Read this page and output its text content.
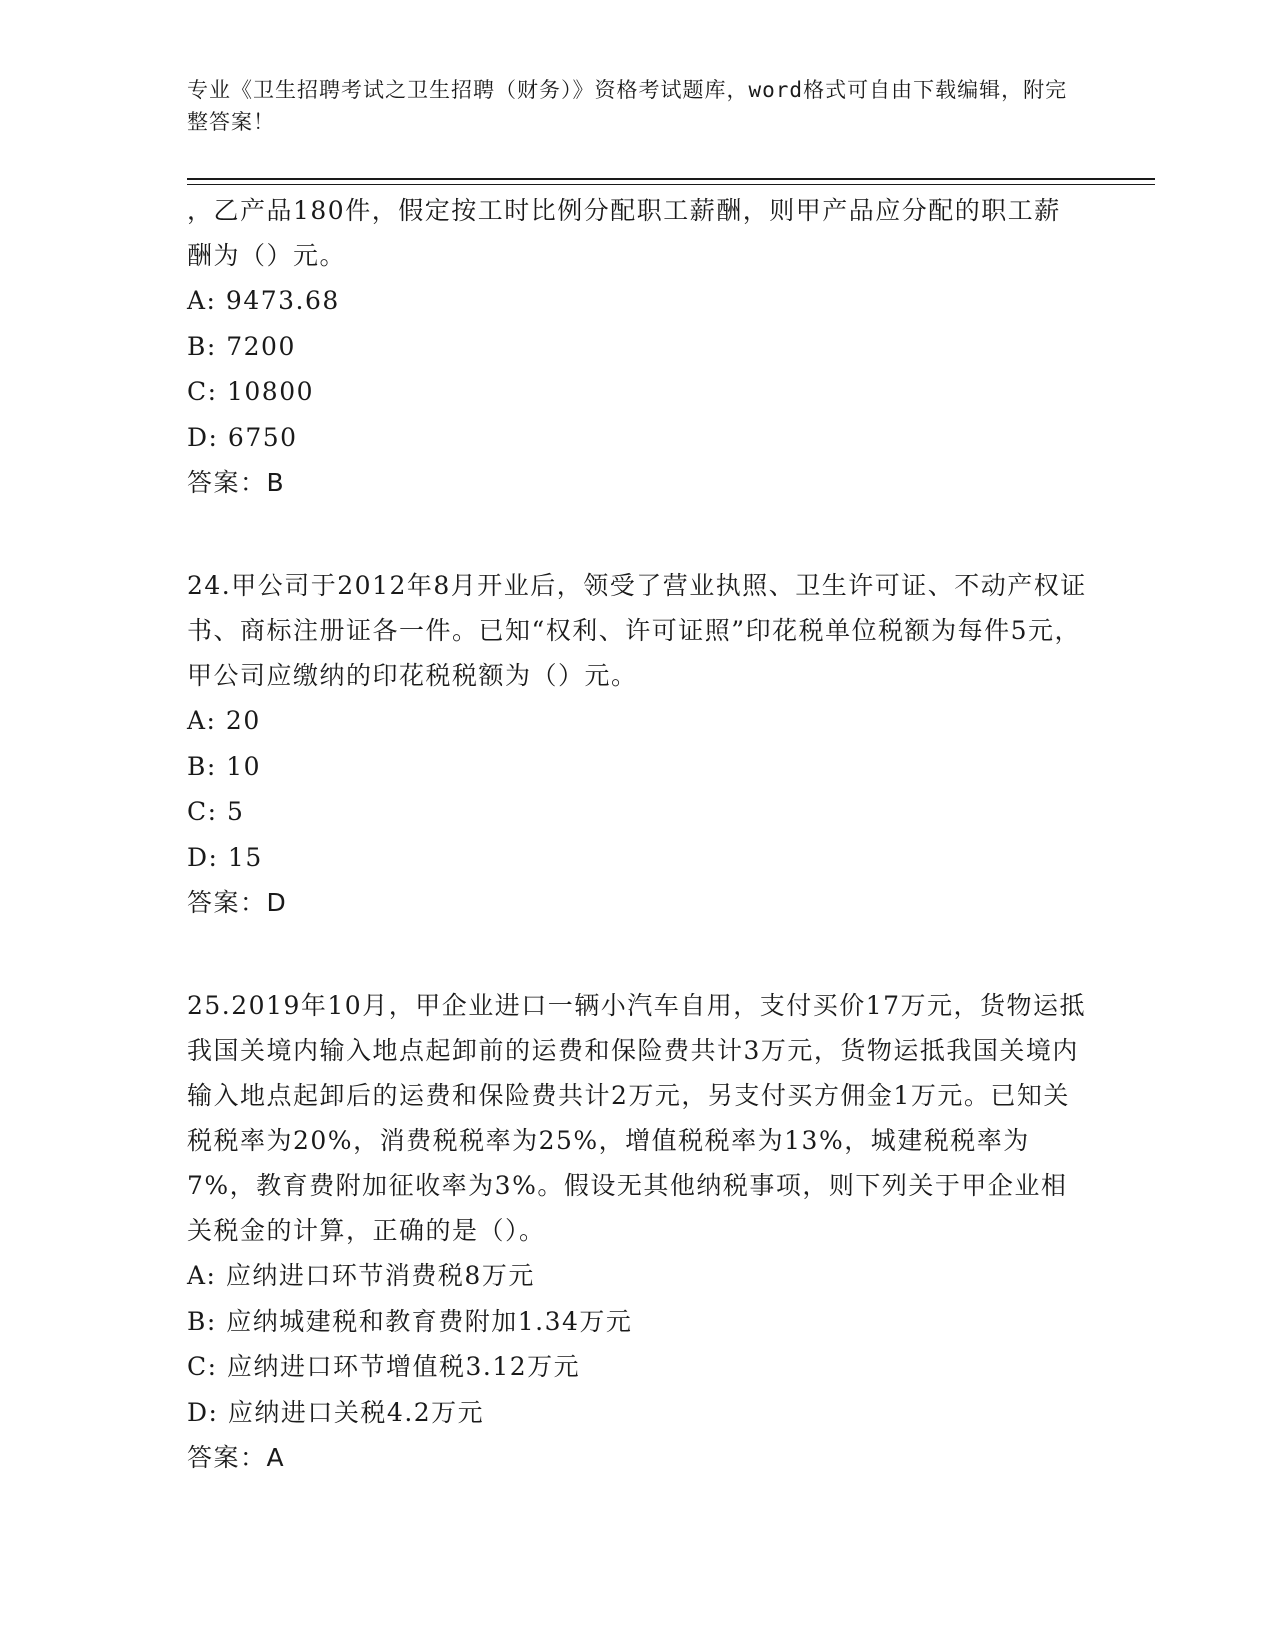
专业《卫生招聘考试之卫生招聘（财务）》资格考试题库，word格式可自由下载编辑，附完整答案！

，乙产品180件，假定按工时比例分配职工薪酬，则甲产品应分配的职工薪酬为（）元。

A: 9473.68

B: 7200

C: 10800

D: 6750

答案：B

24.甲公司于2012年8月开业后，领受了营业执照、卫生许可证、不动产权证书、商标注册证各一件。已知“权利、许可证照”印花税单位税额为每件5元，甲公司应缴纳的印花税税额为（）元。

A: 20

B: 10

C: 5

D: 15

答案：D

25.2019年10月，甲企业进口一辆小汽车自用，支付买价17万元，货物运抵我国关境内输入地点起卸前的运费和保险费共计3万元，货物运抵我国关境内输入地点起卸后的运费和保险费共计2万元，另支付买方佣金1万元。已知关税税率为20%，消费税税率为25%，增值税税率为13%，城建税税率为7%，教育费附加征收率为3%。假设无其他纳税事项，则下列关于甲企业相关税金的计算，正确的是（）。

A: 应纳进口环节消费税8万元

B: 应纳城建税和教育费附加1.34万元

C: 应纳进口环节增值税3.12万元

D: 应纳进口关税4.2万元

答案：A
